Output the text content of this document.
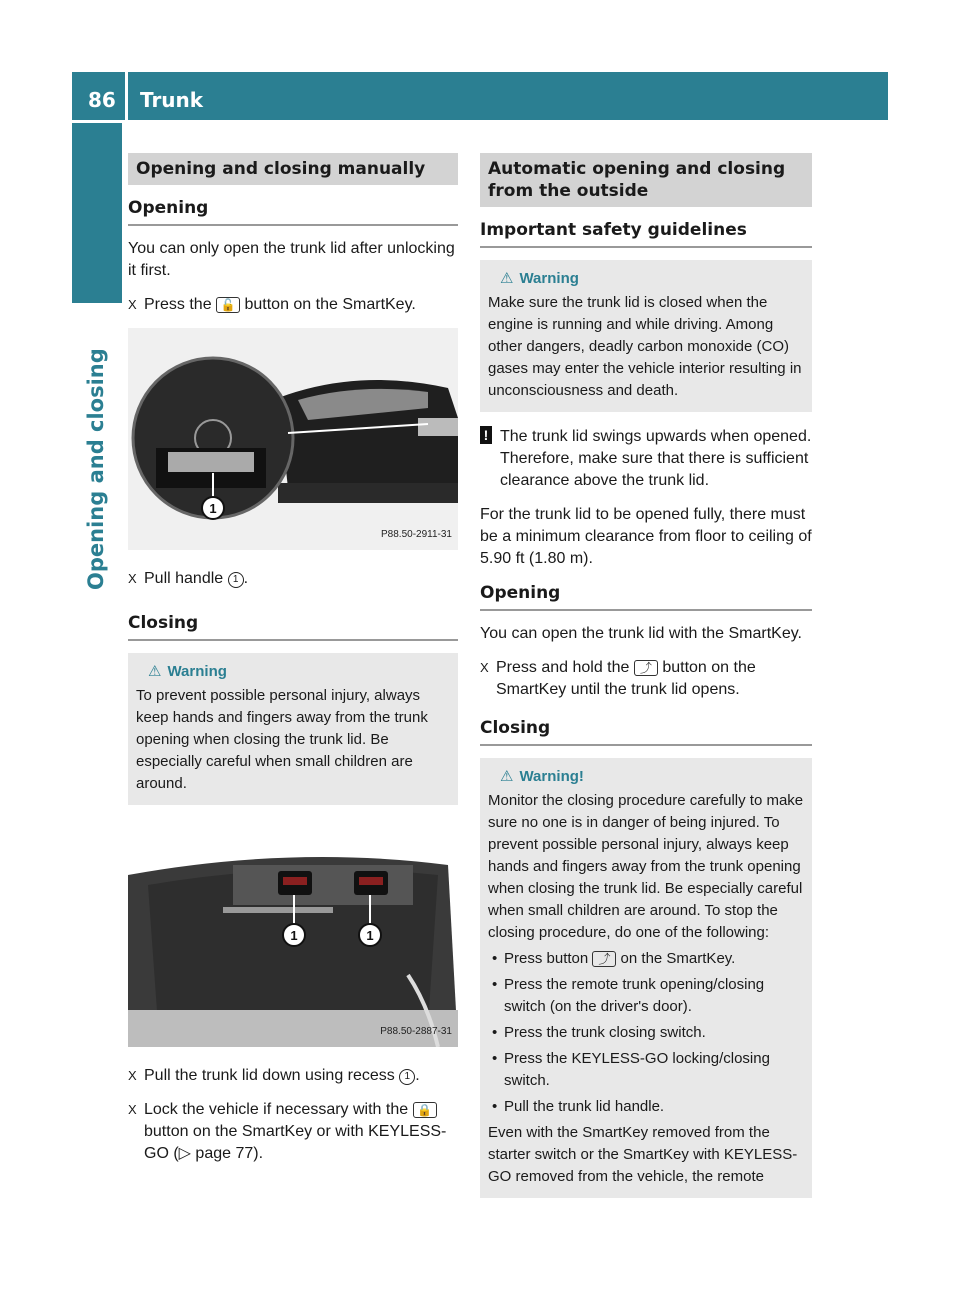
86 Trunk
Opening and closing
Opening and closing manually
Opening

You can only open the trunk lid after unlocking it first.

X Press the 🔓 button on the SmartKey.
1
P88.50-2911-31
X Pull handle 1 .
Closing
⚠ Warning
To prevent possible personal injury, always keep hands and fingers away from the trunk opening when closing the trunk lid. Be especially careful when small children are around.
1	1
P88.50-2887-31
X Pull the trunk lid down using recess 1 .
X Lock the vehicle if necessary with the 🔒 button on the SmartKey or with KEYLESS-GO (▷ page 77).
Automatic opening and closing from the outside
Important safety guidelines
⚠ Warning
Make sure the trunk lid is closed when the engine is running and while driving. Among other dangers, deadly carbon monoxide (CO) gases may enter the vehicle interior resulting in unconsciousness and death.
! The trunk lid swings upwards when opened. Therefore, make sure that there is sufficient clearance above the trunk lid.

For the trunk lid to be opened fully, there must be a minimum clearance from floor to ceiling of 5.90 ft (1.80 m).

Opening

You can open the trunk lid with the SmartKey.

X Press and hold the ⤴ button on the SmartKey until the trunk lid opens.
Closing
⚠ Warning!
Monitor the closing procedure carefully to make sure no one is in danger of being injured. To prevent possible personal injury, always keep hands and fingers away from the trunk opening when closing the trunk lid. Be especially careful when small children are around. To stop the closing procedure, do one of the following:
• Press button ⤴ on the SmartKey.
• Press the remote trunk opening/closing switch (on the driver's door).
• Press the trunk closing switch.
• Press the KEYLESS-GO locking/closing switch.
• Pull the trunk lid handle.
Even with the SmartKey removed from the starter switch or the SmartKey with KEYLESS-GO removed from the vehicle, the remote
